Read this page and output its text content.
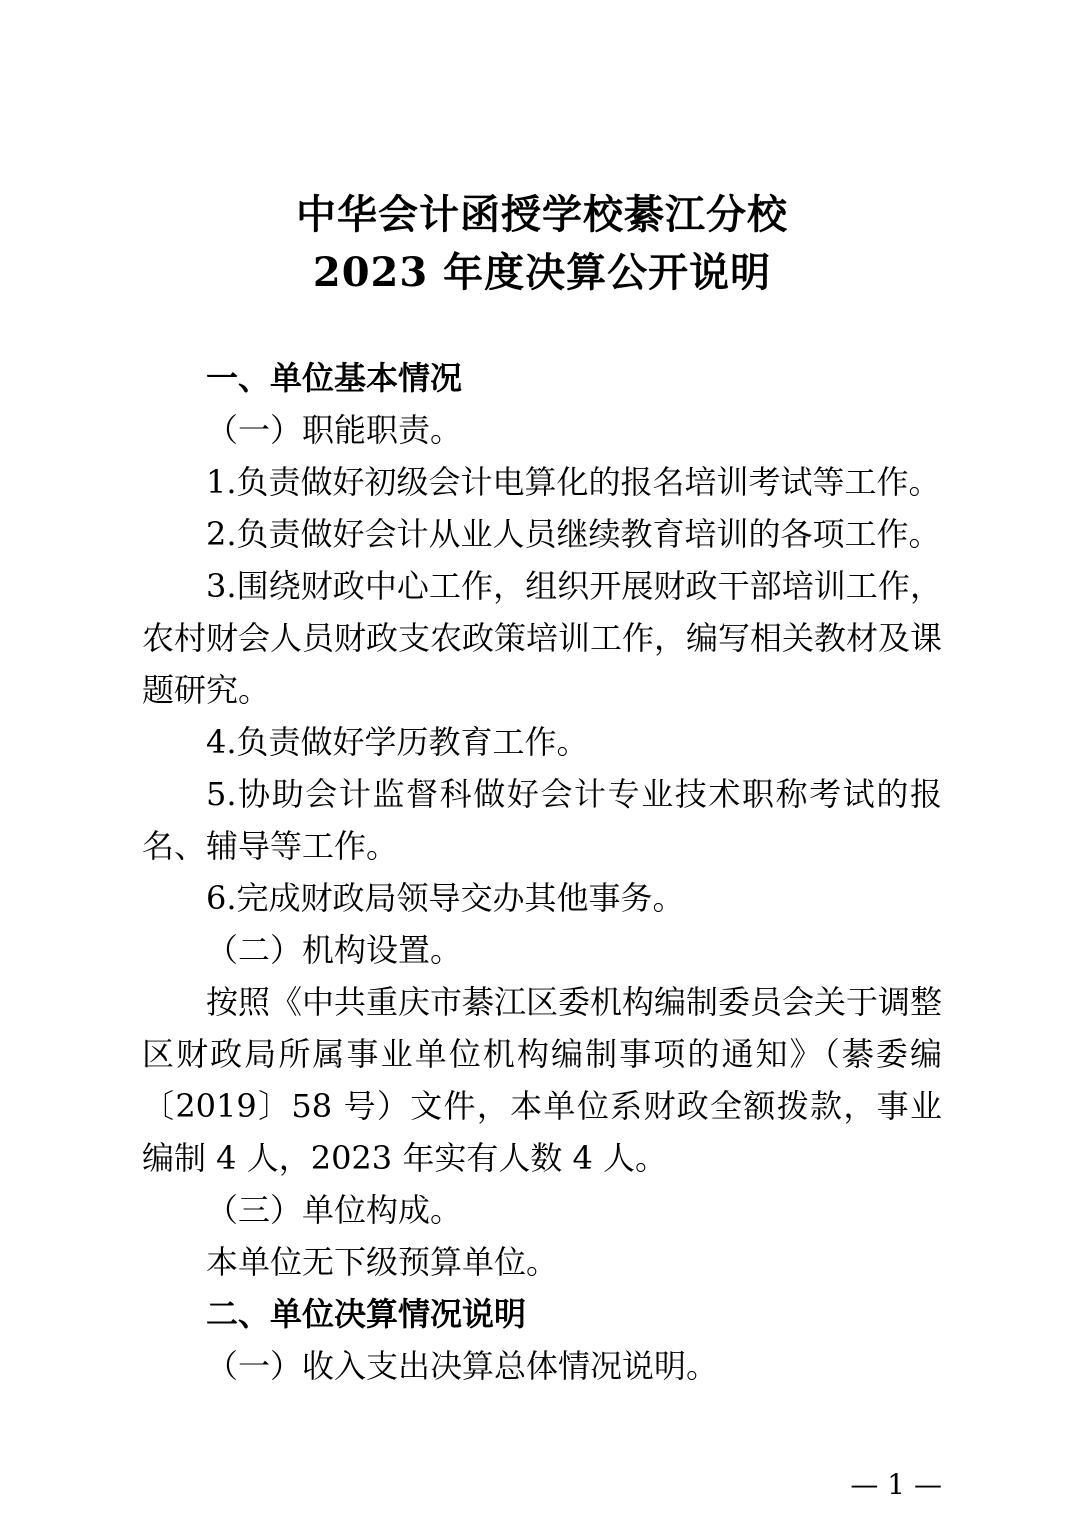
中华会计函授学校綦江分校
2023 年度决算公开说明

一、单位基本情况

（一）职能职责。

1.负责做好初级会计电算化的报名培训考试等工作。

2.负责做好会计从业人员继续教育培训的各项工作。

3.围绕财政中心工作，组织开展财政干部培训工作，农村财会人员财政支农政策培训工作，编写相关教材及课题研究。

4.负责做好学历教育工作。

5.协助会计监督科做好会计专业技术职称考试的报名、辅导等工作。

6.完成财政局领导交办其他事务。

（二）机构设置。

按照《中共重庆市綦江区委机构编制委员会关于调整区财政局所属事业单位机构编制事项的通知》（綦委编〔2019〕58 号）文件，本单位系财政全额拨款，事业编制 4 人，2023 年实有人数 4 人。

（三）单位构成。

本单位无下级预算单位。

二、单位决算情况说明

（一）收入支出决算总体情况说明。

— 1 —
